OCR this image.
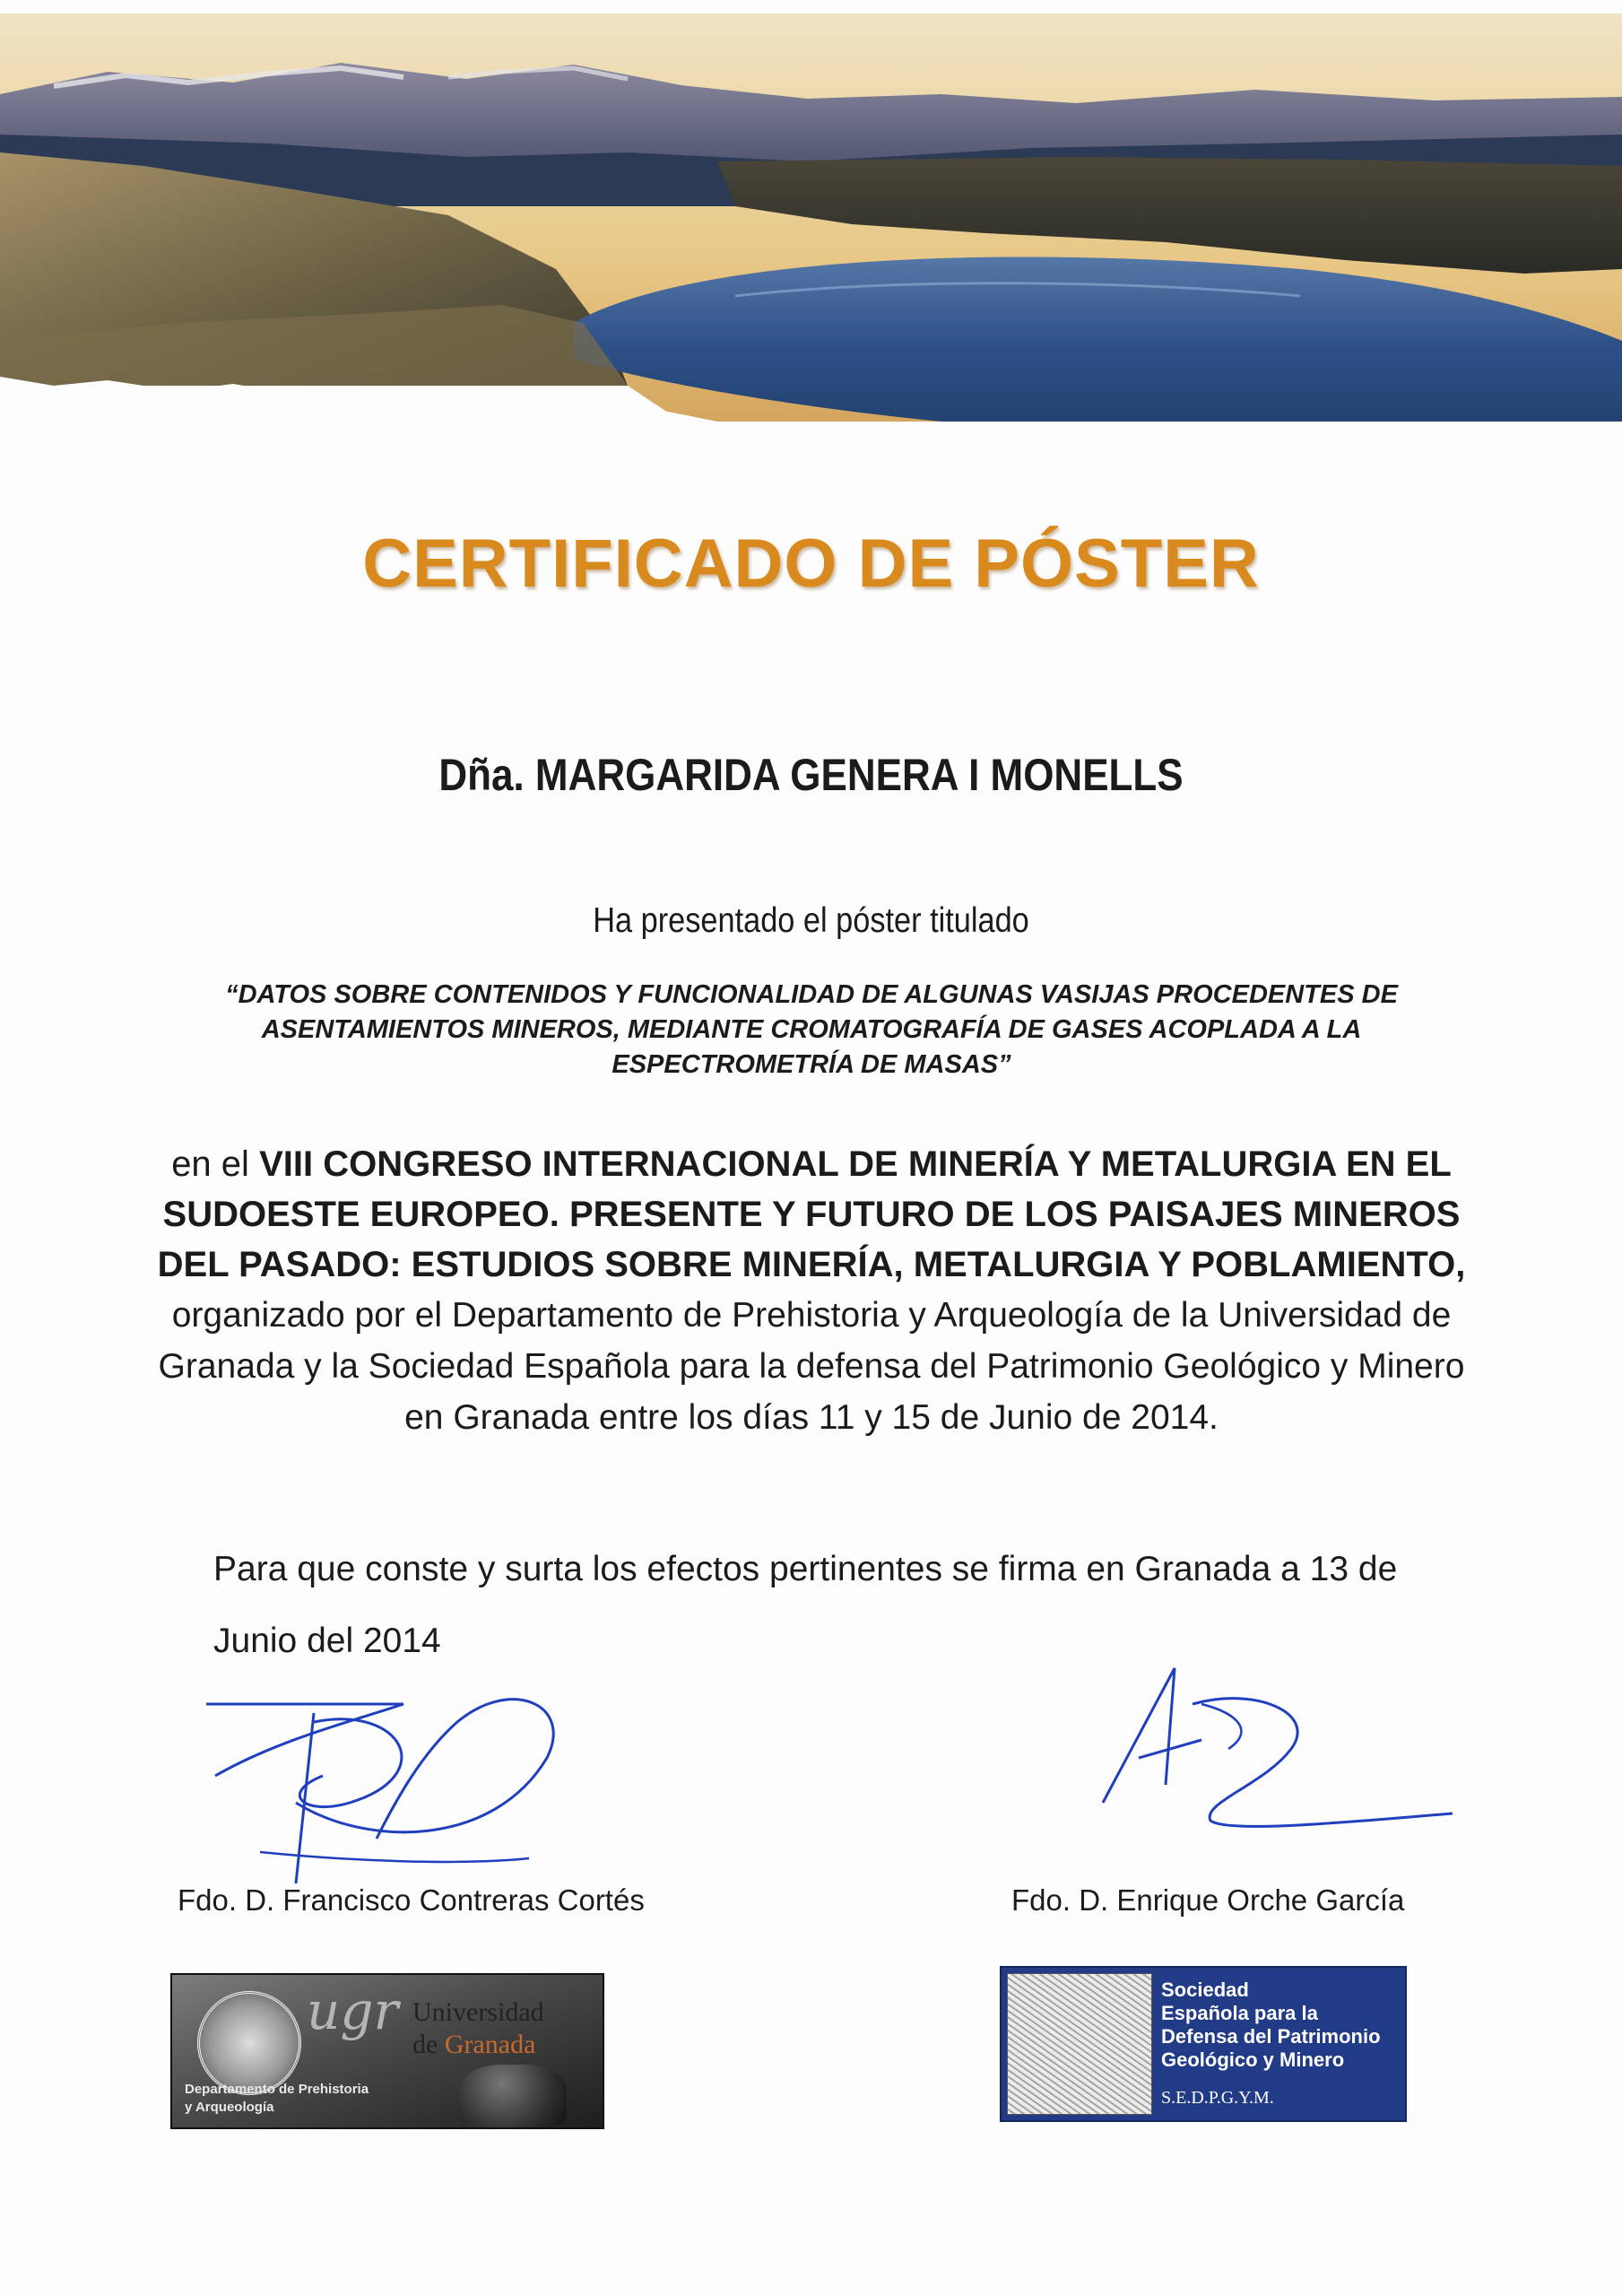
CERTIFICADO DE PÓSTER
Dña. MARGARIDA GENERA I MONELLS
Ha presentado el póster titulado
“DATOS SOBRE CONTENIDOS Y FUNCIONALIDAD DE ALGUNAS VASIJAS PROCEDENTES DE ASENTAMIENTOS MINEROS, MEDIANTE CROMATOGRAFÍA DE GASES ACOPLADA A LA ESPECTROMETRÍA DE MASAS”
en el VIII CONGRESO INTERNACIONAL DE MINERÍA Y METALURGIA EN EL SUDOESTE EUROPEO. PRESENTE Y FUTURO DE LOS PAISAJES MINEROS DEL PASADO: ESTUDIOS SOBRE MINERÍA, METALURGIA Y POBLAMIENTO, organizado por el Departamento de Prehistoria y Arqueología de la Universidad de Granada y la Sociedad Española para la defensa del Patrimonio Geológico y Minero en Granada entre los días 11 y 15 de Junio de 2014.
Para que conste y surta los efectos pertinentes se firma en Granada a 13 de Junio del 2014
Fdo. D. Francisco Contreras Cortés	Fdo. D. Enrique Orche García
ugr Universidad
de Granada
Departamento de Prehistoria
y Arqueología
Sociedad
Española para la
Defensa del Patrimonio
Geológico y Minero
S.E.D.P.G.Y.M.
